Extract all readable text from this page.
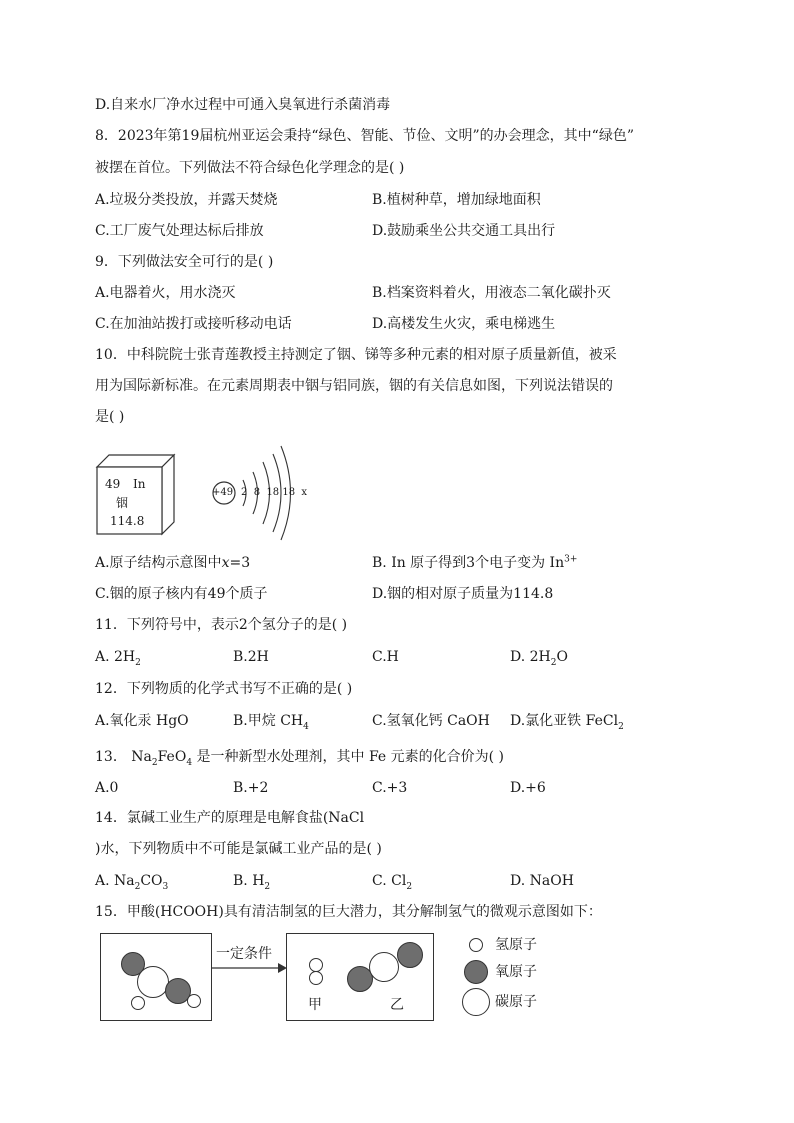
D.自来水厂净水过程中可通入臭氧进行杀菌消毒
8．2023年第19届杭州亚运会秉持“绿色、智能、节俭、文明”的办会理念，其中“绿色”
被摆在首位。下列做法不符合绿色化学理念的是( )
A.垃圾分类投放，并露天焚烧	B.植树种草，增加绿地面积
C.工厂废气处理达标后排放	D.鼓励乘坐公共交通工具出行
9．下列做法安全可行的是( )
A.电器着火，用水浇灭	B.档案资料着火，用液态二氧化碳扑灭
C.在加油站拨打或接听移动电话	D.高楼发生火灾，乘电梯逃生
10．中科院院士张青莲教授主持测定了铟、锑等多种元素的相对原子质量新值，被采
用为国际新标准。在元素周期表中铟与铝同族，铟的有关信息如图，下列说法错误的
是( )
49 In
铟
114.8
+49 2  8  18 18  x
A.原子结构示意图中x=3	B. In 原子得到3个电子变为 $In^{3+}$
C.铟的原子核内有49个质子	D.铟的相对原子质量为114.8
11．下列符号中，表示2个氢分子的是( )
A. $2H_2$	B.2H	C.H	D. $2H_2O$
12．下列物质的化学式书写不正确的是( )
A.氧化汞 HgO	B.甲烷 $CH_4$	C.氢氧化钙 CaOH D.氯化亚铁 FeCl$_2$
13． $Na_2FeO_4$ 是一种新型水处理剂，其中 Fe 元素的化合价为( )
A.0	B.+2	C.+3	D.+6
14．氯碱工业生产的原理是电解食盐(NaCl
)水，下列物质中不可能是氯碱工业产品的是( )
A. $Na_2CO_3$	B. $H_2$	C. $Cl_2$	D. NaOH
15．甲酸(HCOOH)具有清洁制氢的巨大潜力，其分解制氢气的微观示意图如下：
一定条件
甲	乙
氢原子
氧原子
碳原子
